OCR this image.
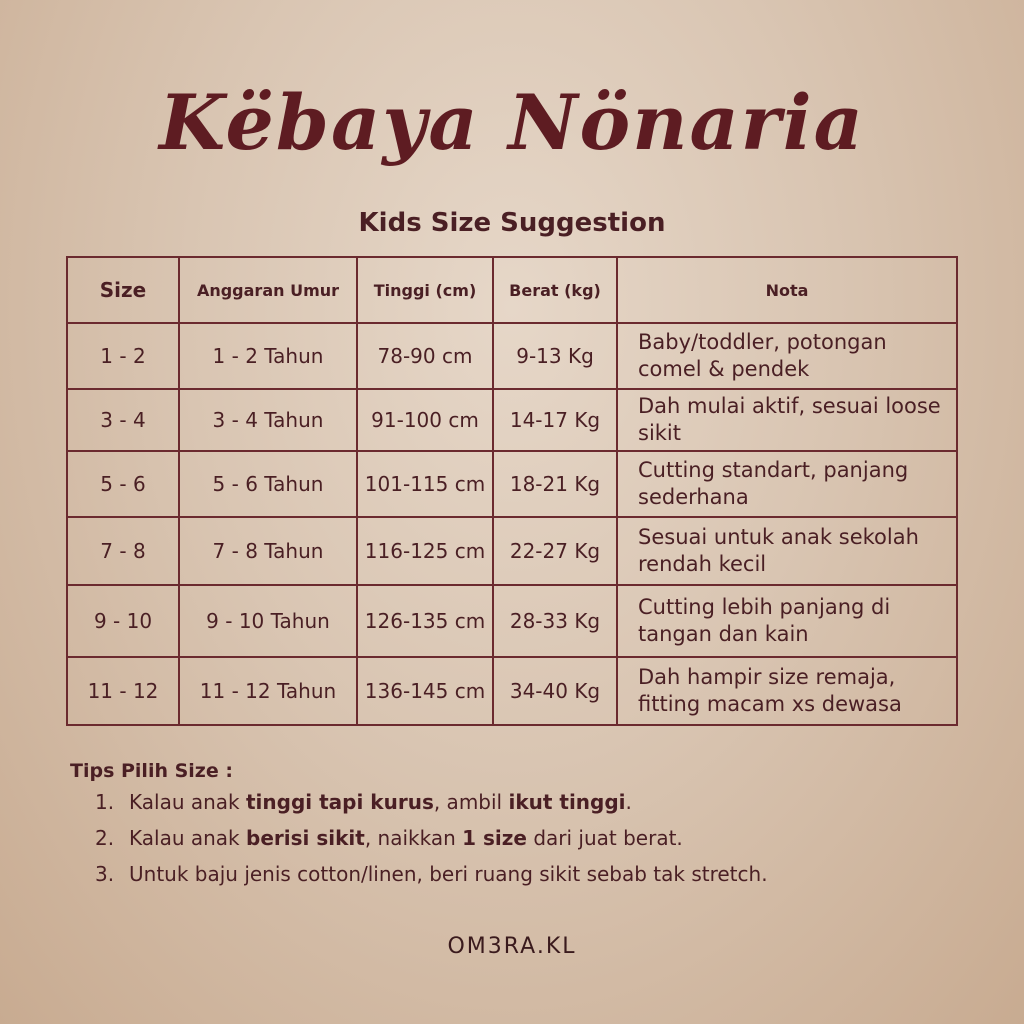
Këbaya Nönaria
Kids Size Suggestion
Size	Anggaran Umur	Tinggi (cm)	Berat (kg)	Nota
1 - 2	1 - 2 Tahun	78-90 cm	9-13 Kg	Baby/toddler, potongan comel & pendek
3 - 4	3 - 4 Tahun	91-100 cm	14-17 Kg	Dah mulai aktif, sesuai loose sikit
5 - 6	5 - 6 Tahun	101-115 cm	18-21 Kg	Cutting standart, panjang sederhana
7 - 8	7 - 8 Tahun	116-125 cm	22-27 Kg	Sesuai untuk anak sekolah rendah kecil
9 - 10	9 - 10 Tahun	126-135 cm	28-33 Kg	Cutting lebih panjang di tangan dan kain
11 - 12	11 - 12 Tahun	136-145 cm	34-40 Kg	Dah hampir size remaja, fitting macam xs dewasa
Tips Pilih Size :
1. Kalau anak tinggi tapi kurus, ambil ikut tinggi.
2. Kalau anak berisi sikit, naikkan 1 size dari juat berat.
3. Untuk baju jenis cotton/linen, beri ruang sikit sebab tak stretch.
OM3RA.KL
